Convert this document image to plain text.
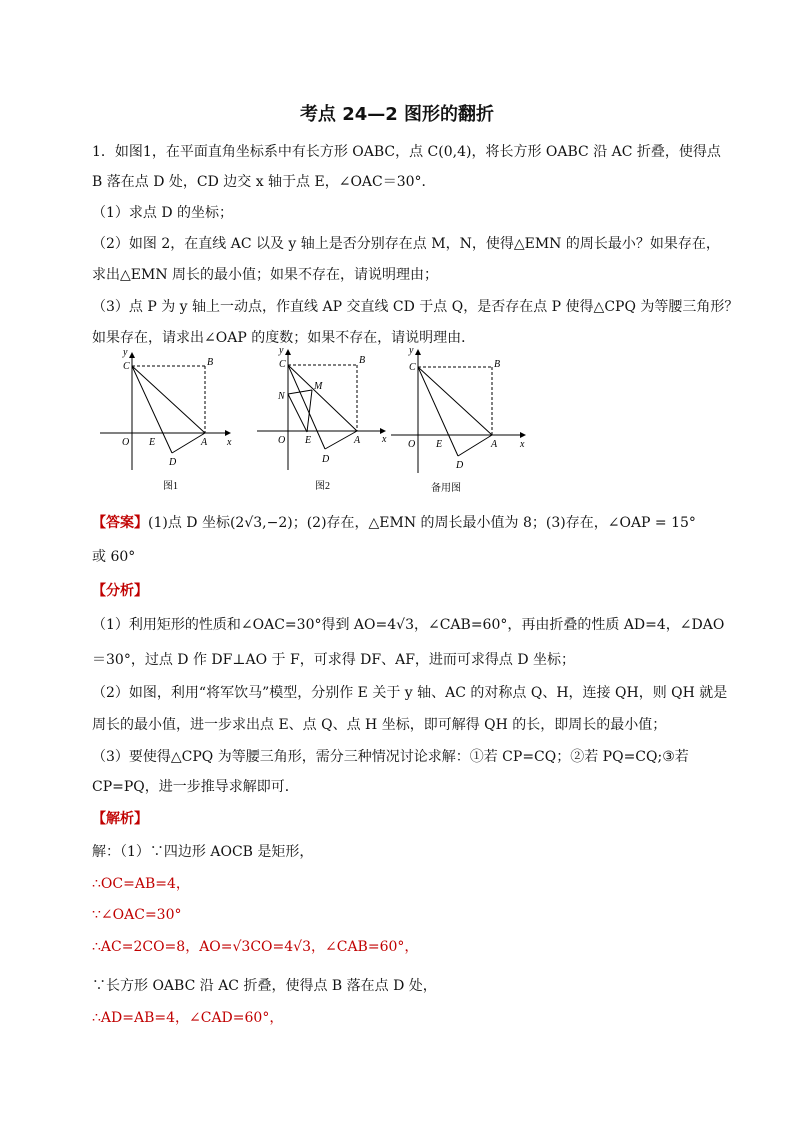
考点 24—2 图形的翻折
1．如图1，在平面直角坐标系中有长方形 OABC，点 C(0,4)，将长方形 OABC 沿 AC 折叠，使得点
B 落在点 D 处，CD 边交 x 轴于点 E，∠OAC＝30°．
（1）求点 D 的坐标；
（2）如图 2，在直线 AC 以及 y 轴上是否分别存在点 M，N，使得△EMN 的周长最小？如果存在，
求出△EMN 周长的最小值；如果不存在，请说明理由；
（3）点 P 为 y 轴上一动点，作直线 AP 交直线 CD 于点 Q，是否存在点 P 使得△CPQ 为等腰三角形？
如果存在，请求出∠OAP 的度数；如果不存在，请说明理由．
y
x
C	B
O E	A
D
图1
y
x
C	B
M
N
O E	A
D
图2
y
x
C	B
O E	A
D
备用图
【答案】(1)点 D 坐标(2√3,−2)；(2)存在，△EMN 的周长最小值为 8；(3)存在，∠OAP = 15°
或 60°
【分析】
（1）利用矩形的性质和∠OAC=30°得到 AO=4√3，∠CAB=60°，再由折叠的性质 AD=4，∠DAO
＝30°，过点 D 作 DF⊥AO 于 F，可求得 DF、AF，进而可求得点 D 坐标；
（2）如图，利用“将军饮马”模型，分别作 E 关于 y 轴、AC 的对称点 Q、H，连接 QH，则 QH 就是
周长的最小值，进一步求出点 E、点 Q、点 H 坐标，即可解得 QH 的长，即周长的最小值；
（3）要使得△CPQ 为等腰三角形，需分三种情况讨论求解：①若 CP=CQ；②若 PQ=CQ;③若
CP=PQ，进一步推导求解即可．
【解析】
解：（1）∵四边形 AOCB 是矩形，
∴OC=AB=4，
∵∠OAC=30°
∴AC=2CO=8，AO=√3CO=4√3，∠CAB=60°，
∵长方形 OABC 沿 AC 折叠，使得点 B 落在点 D 处，
∴AD=AB=4，∠CAD=60°，
